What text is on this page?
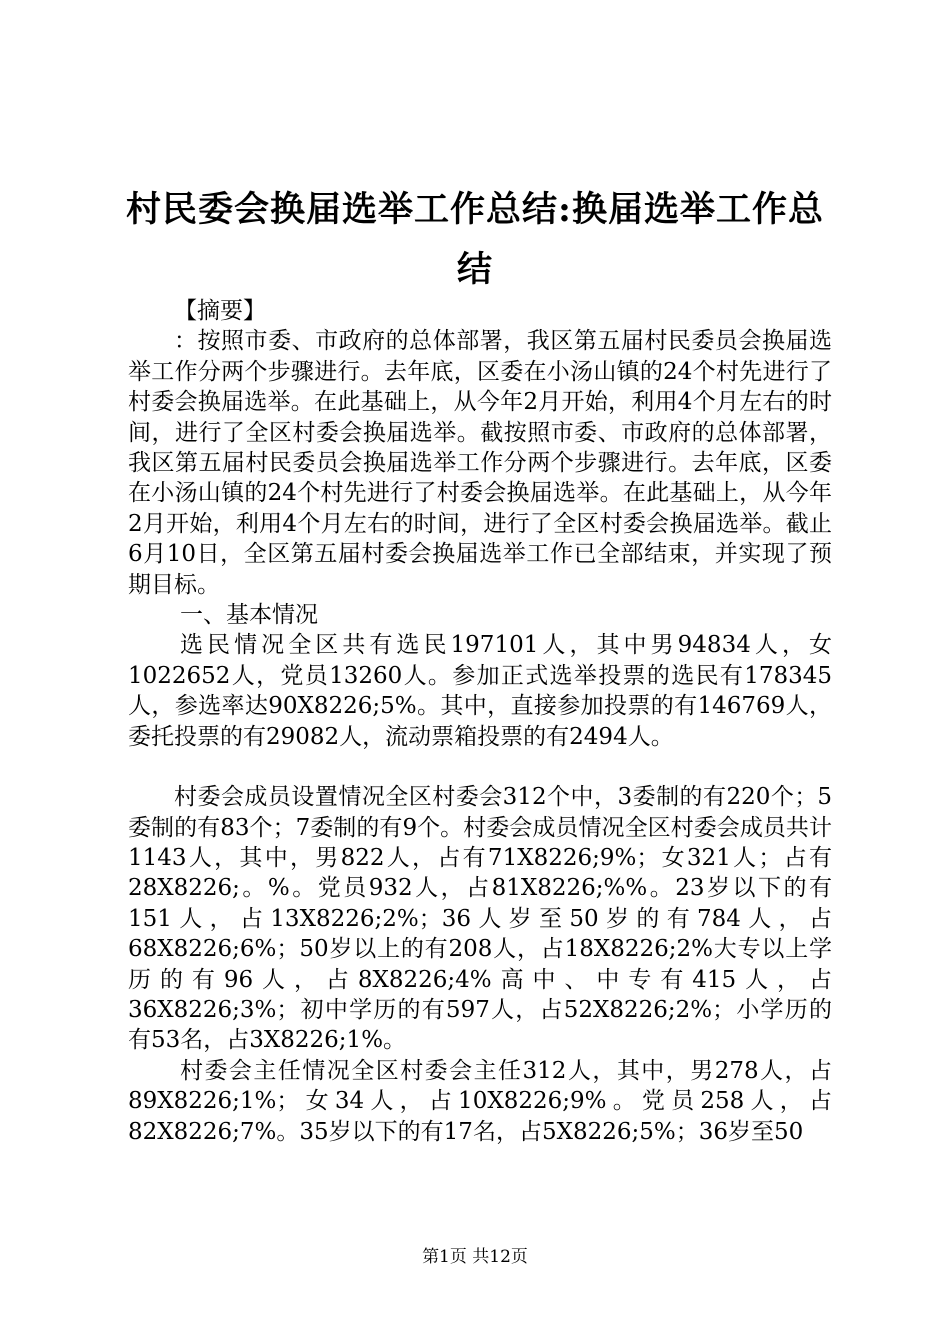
村民委会换届选举工作总结:换届选举工作总
结

【摘要】

：按照市委、市政府的总体部署，我区第五届村民委员会换届选举工作分两个步骤进行。去年底，区委在小汤山镇的24个村先进行了村委会换届选举。在此基础上，从今年2月开始，利用4个月左右的时间，进行了全区村委会换届选举。截按照市委、市政府的总体部署，我区第五届村民委员会换届选举工作分两个步骤进行。去年底，区委在小汤山镇的24个村先进行了村委会换届选举。在此基础上，从今年2月开始，利用4个月左右的时间，进行了全区村委会换届选举。截止6月10日，全区第五届村委会换届选举工作已全部结束，并实现了预期目标。

一、基本情况

选民情况全区共有选民197101人，其中男94834人，女1022652人，党员13260人。参加正式选举投票的选民有178345人，参选率达90X8226;5%。其中，直接参加投票的有146769人，委托投票的有29082人，流动票箱投票的有2494人。

村委会成员设置情况全区村委会312个中，3委制的有220个；5委制的有83个；7委制的有9个。村委会成员情况全区村委会成员共计1143人，其中，男822人，占有71X8226;9%；女321人；占有28X8226;。%。党员932人，占81X8226;%%。23岁以下的有151人，占13X8226;2%；36人岁至50岁的有784人，占68X8226;6%；50岁以上的有208人，占18X8226;2%大专以上学历的有96人，占8X8226;4%高中、中专有415人，占36X8226;3%；初中学历的有597人，占52X8226;2%；小学历的有53名，占3X8226;1%。

村委会主任情况全区村委会主任312人，其中，男278人，占89X8226;1%；女34人，占10X8226;9%。党员258人，占82X8226;7%。35岁以下的有17名，占5X8226;5%；36岁至50

第1页 共12页
